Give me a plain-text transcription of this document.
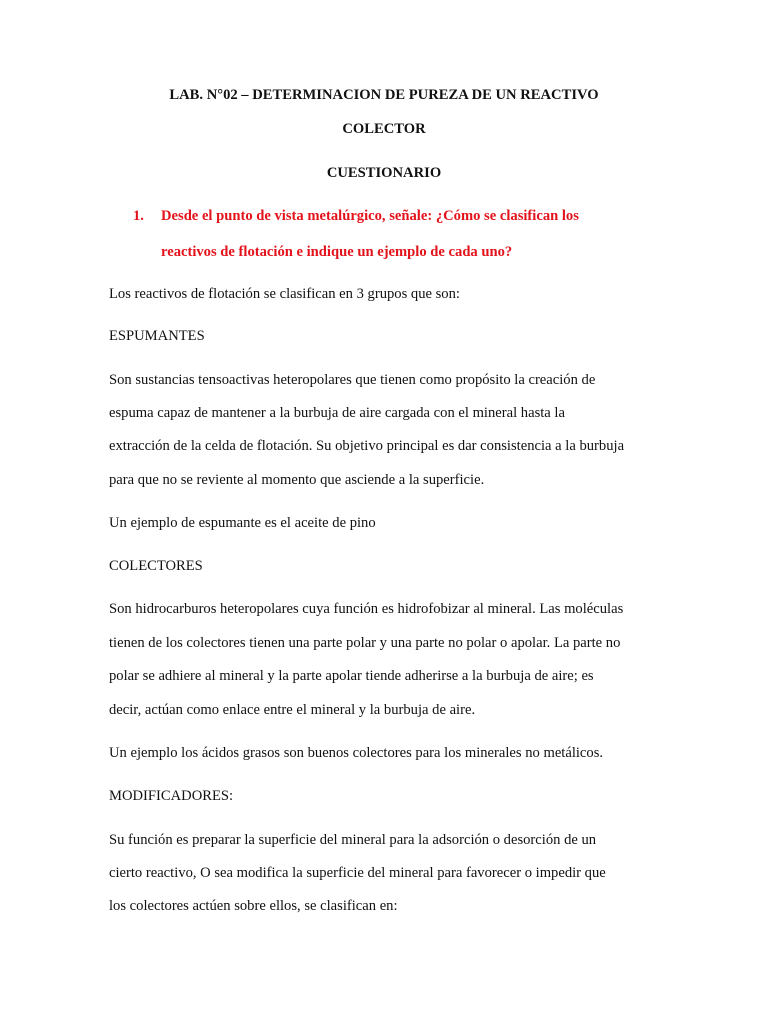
LAB. N°02 – DETERMINACION DE PUREZA DE UN REACTIVO

COLECTOR

CUESTIONARIO

1. Desde el punto de vista metalúrgico, señale: ¿Cómo se clasifican los

reactivos de flotación e indique un ejemplo de cada uno?

Los reactivos de flotación se clasifican en 3 grupos que son:

ESPUMANTES

Son sustancias tensoactivas heteropolares que tienen como propósito la creación de

espuma capaz de mantener a la burbuja de aire cargada con el mineral hasta la

extracción de la celda de flotación. Su objetivo principal es dar consistencia a la burbuja

para que no se reviente al momento que asciende a la superficie.

Un ejemplo de espumante es el aceite de pino

COLECTORES

Son hidrocarburos heteropolares cuya función es hidrofobizar al mineral. Las moléculas

tienen de los colectores tienen una parte polar y una parte no polar o apolar. La parte no

polar se adhiere al mineral y la parte apolar tiende adherirse a la burbuja de aire; es

decir, actúan como enlace entre el mineral y la burbuja de aire.

Un ejemplo los ácidos grasos son buenos colectores para los minerales no metálicos.

MODIFICADORES:

Su función es preparar la superficie del mineral para la adsorción o desorción de un

cierto reactivo, O sea modifica la superficie del mineral para favorecer o impedir que

los colectores actúen sobre ellos, se clasifican en:
